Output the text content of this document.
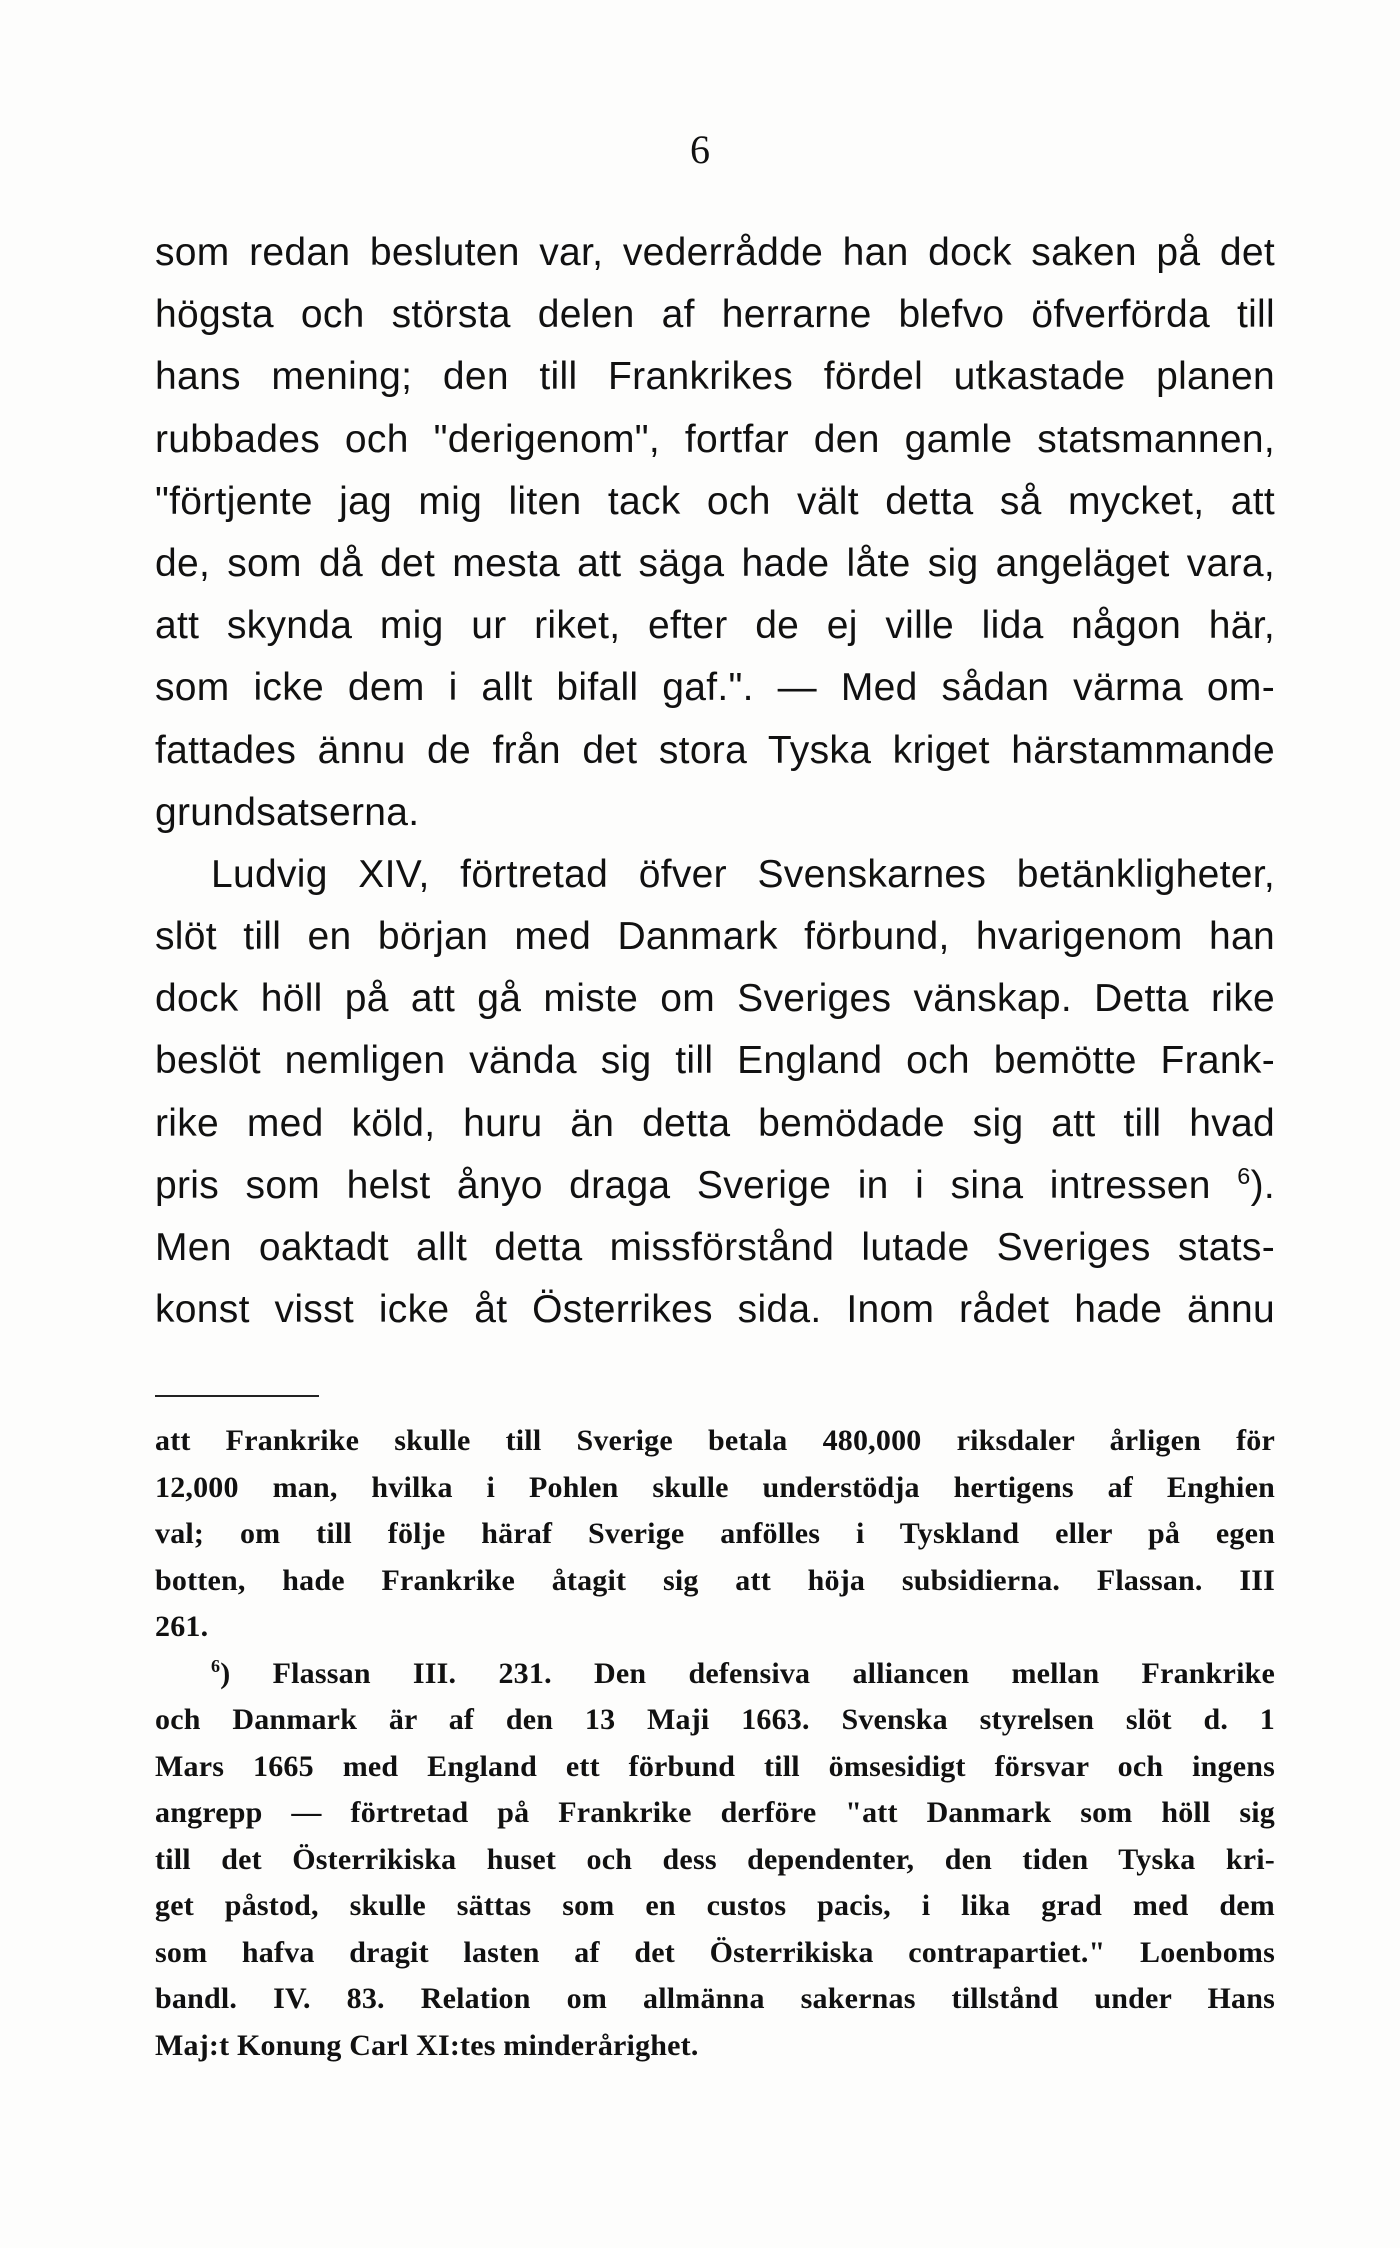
6
som redan besluten var, vederrådde han dock saken på det
högsta och största delen af herrarne blefvo öfverförda till
hans mening; den till Frankrikes fördel utkastade planen
rubbades och "derigenom", fortfar den gamle statsmannen,
"förtjente jag mig liten tack och vält detta så mycket, att
de, som då det mesta att säga hade låte sig angeläget vara,
att skynda mig ur riket, efter de ej ville lida någon här,
som icke dem i allt bifall gaf.". — Med sådan värma om-
fattades ännu de från det stora Tyska kriget härstammande
grundsatserna.
Ludvig XIV, förtretad öfver Svenskarnes betänkligheter,
slöt till en början med Danmark förbund, hvarigenom han
dock höll på att gå miste om Sveriges vänskap. Detta rike
beslöt nemligen vända sig till England och bemötte Frank-
rike med köld, huru än detta bemödade sig att till hvad
pris som helst ånyo draga Sverige in i sina intressen $^6$).
Men oaktadt allt detta missförstånd lutade Sveriges stats-
konst visst icke åt Österrikes sida. Inom rådet hade ännu
att Frankrike skulle till Sverige betala 480,000 riksdaler årligen för
12,000 man, hvilka i Pohlen skulle understödja hertigens af Enghien
val; om till följe häraf Sverige anfölles i Tyskland eller på egen
botten, hade Frankrike åtagit sig att höja subsidierna. Flassan. III
261.
$^6$) Flassan III. 231. Den defensiva alliancen mellan Frankrike
och Danmark är af den 13 Maji 1663. Svenska styrelsen slöt d. 1
Mars 1665 med England ett förbund till ömsesidigt försvar och ingens
angrepp — förtretad på Frankrike derföre "att Danmark som höll sig
till det Österrikiska huset och dess dependenter, den tiden Tyska kri-
get påstod, skulle sättas som en custos pacis, i lika grad med dem
som hafva dragit lasten af det Österrikiska contrapartiet." Loenboms
bandl. IV. 83. Relation om allmänna sakernas tillstånd under Hans
Maj:t Konung Carl XI:tes minderårighet.
